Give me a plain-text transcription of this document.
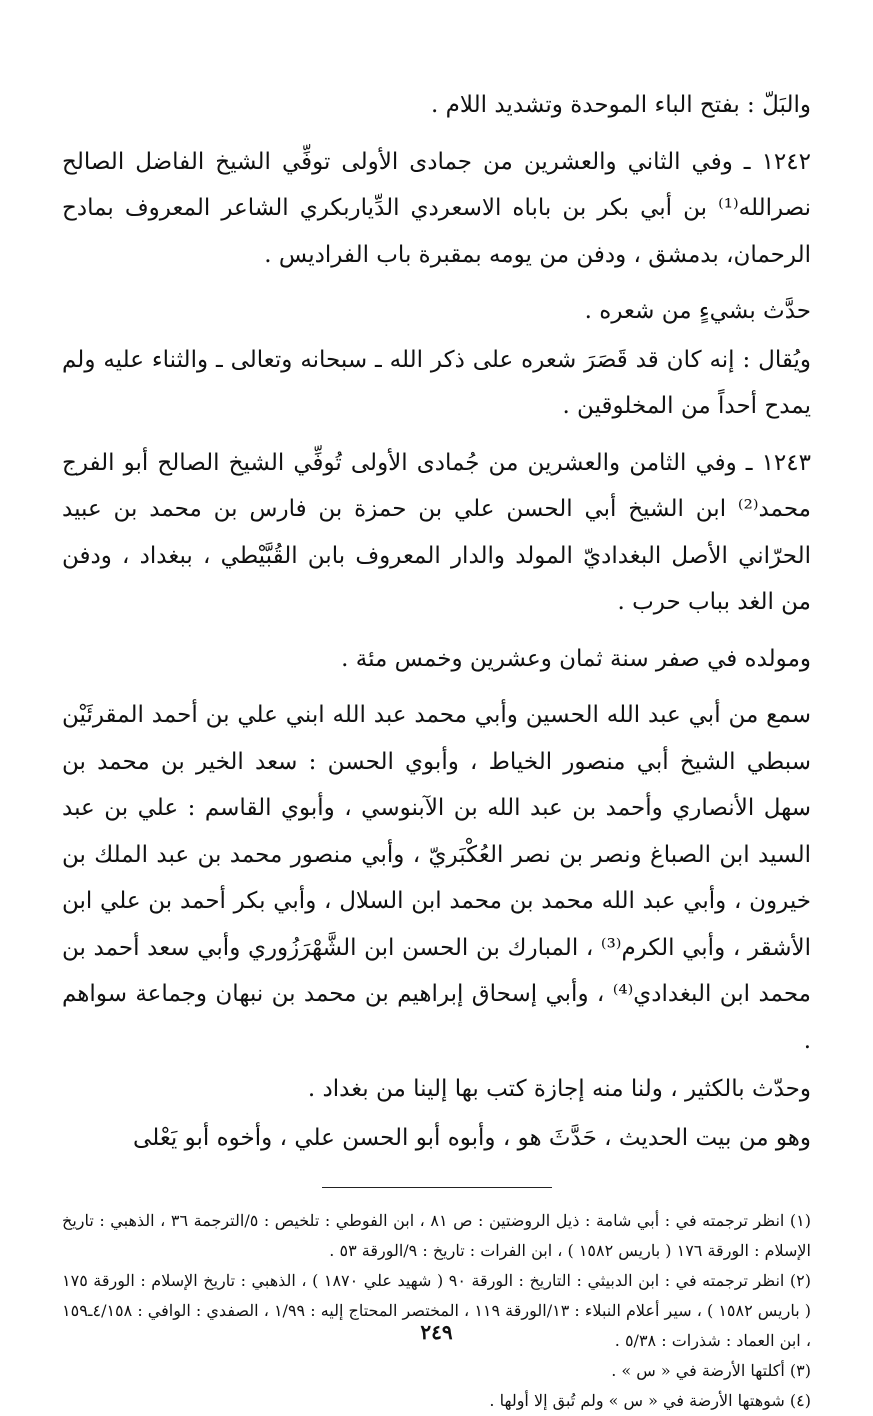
والبَلّ : بفتح الباء الموحدة وتشديد اللام .

١٢٤٢ ـ وفي الثاني والعشرين من جمادى الأولى توفِّي الشيخ الفاضل الصالح نصرالله⁽¹⁾ بن أبي بكر بن باباه الاسعردي الدِّياربكري الشاعر المعروف بمادح الرحمان، بدمشق ، ودفن من يومه بمقبرة باب الفراديس .

حدَّث بشيءٍ من شعره .

ويُقال : إنه كان قد قَصَرَ شعره على ذكر الله ـ سبحانه وتعالى ـ والثناء عليه ولم يمدح أحداً من المخلوقين .

١٢٤٣ ـ وفي الثامن والعشرين من جُمادى الأولى تُوفِّي الشيخ الصالح أبو الفرج محمد⁽²⁾ ابن الشيخ أبي الحسن علي بن حمزة بن فارس بن محمد بن عبيد الحرّاني الأصل البغداديّ المولد والدار المعروف بابن القُبَّيْطي ، ببغداد ، ودفن من الغد بباب حرب .

ومولده في صفر سنة ثمان وعشرين وخمس مئة .

سمع من أبي عبد الله الحسين وأبي محمد عبد الله ابني علي بن أحمد المقرئَيْن سبطي الشيخ أبي منصور الخياط ، وأبوي الحسن : سعد الخير بن محمد بن سهل الأنصاري وأحمد بن عبد الله بن الآبنوسي ، وأبوي القاسم : علي بن عبد السيد ابن الصباغ ونصر بن نصر العُكْبَريّ ، وأبي منصور محمد بن عبد الملك بن خيرون ، وأبي عبد الله محمد بن محمد ابن السلال ، وأبي بكر أحمد بن علي ابن الأشقر ، وأبي الكرم⁽³⁾ ، المبارك بن الحسن ابن الشَّهْرَزُوري وأبي سعد أحمد بن محمد ابن البغدادي⁽⁴⁾ ، وأبي إسحاق إبراهيم بن محمد بن نبهان وجماعة سواهم .

وحدّث بالكثير ، ولنا منه إجازة كتب بها إلينا من بغداد .

وهو من بيت الحديث ، حَدَّثَ هو ، وأبوه أبو الحسن علي ، وأخوه أبو يَعْلى

(١) انظر ترجمته في : أبي شامة : ذيل الروضتين : ص ٨١ ، ابن الفوطي : تلخيص : ٥/الترجمة ٣٦ ، الذهبي : تاريخ الإسلام : الورقة ١٧٦ ( باريس ١٥٨٢ ) ، ابن الفرات : تاريخ : ٩/الورقة ٥٣ .

(٢) انظر ترجمته في : ابن الدبيثي : التاريخ : الورقة ٩٠ ( شهيد علي ١٨٧٠ ) ، الذهبي : تاريخ الإسلام : الورقة ١٧٥ ( باريس ١٥٨٢ ) ، سير أعلام النبلاء : ١٣/الورقة ١١٩ ، المختصر المحتاج إليه : ١/٩٩ ، الصفدي : الوافي : ٤/١٥٨ـ١٥٩ ، ابن العماد : شذرات : ٥/٣٨ .

(٣) أكلتها الأرضة في « س » .

(٤) شوهتها الأرضة في « س » ولم تُبق إلا أولها .

٢٤٩
